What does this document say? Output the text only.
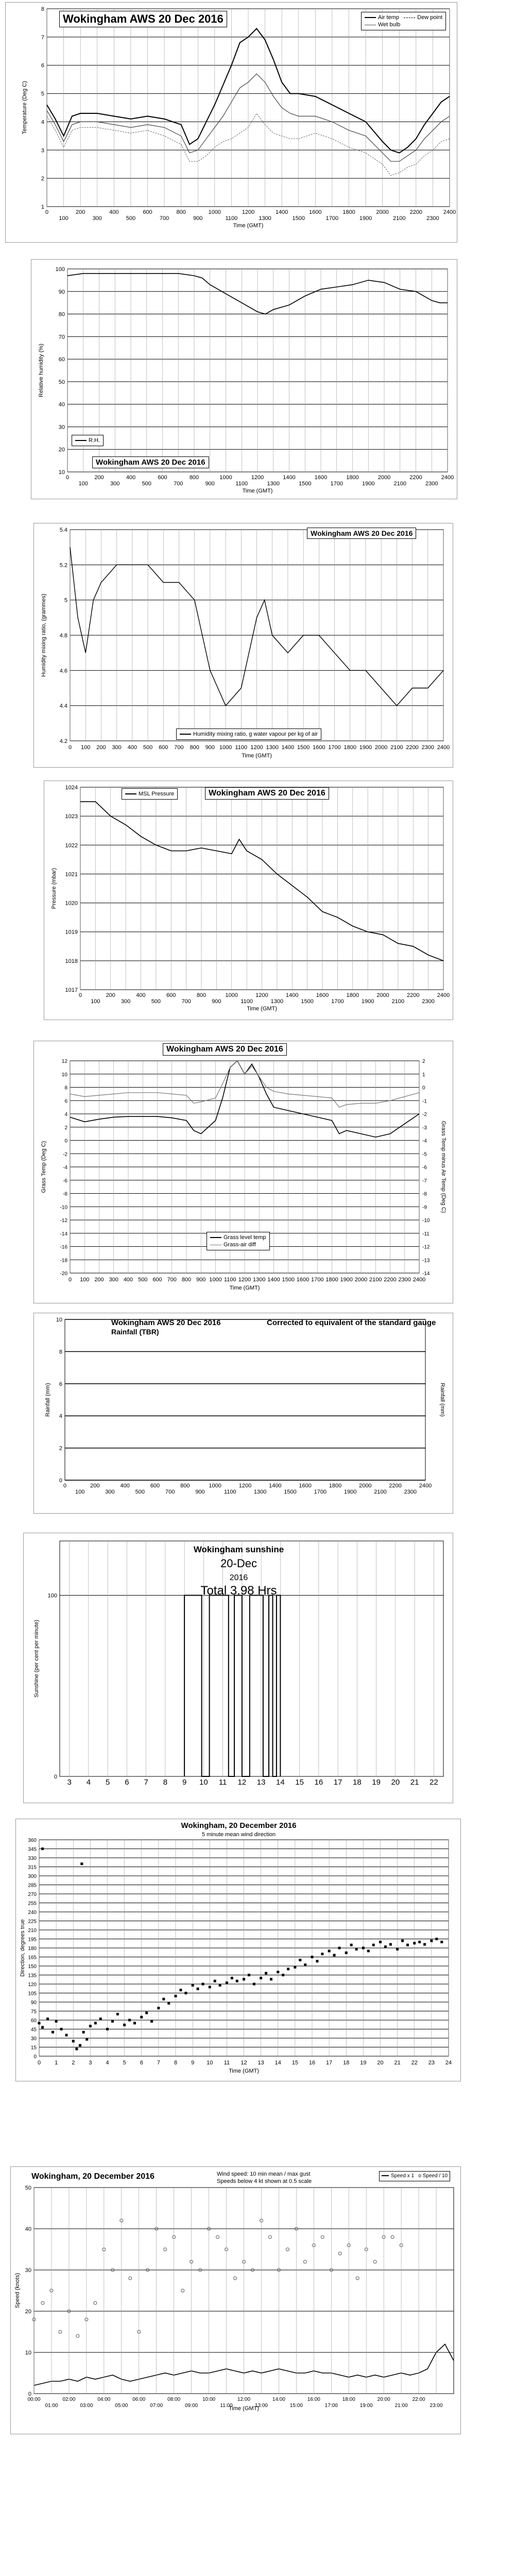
1
2
3
4
5
6
7
8
0
100
200
300
400
500
600
700
800
900
1000
1100
1200
1300
1400
1500
1600
1700
1800
1900
2000
2100
2200
2300
2400
Time (GMT)
Temperature (Deg C)
Wokingham AWS 20 Dec 2016	Air temp	Dew point
Wet bulb
10
20
30
40
50
60
70
80
90
100
0
100
200
300
400
500
600
700
800
900
1000
1100
1200
1300
1400
1500
1600
1700
1800
1900
2000
2100
2200
2300
2400
Time (GMT)
Relative humidity (%)
R.H.
Wokingham AWS 20 Dec 2016
4.2
4.4
4.6
4.8
5
5.2
5.4
0 100 200 300 400 500 600 700 800 900 1000 1100 1200 1300 1400 1500 1600 1700 1800 1900 2000 2100 2200 2300 2400
Time (GMT)
Humidity mixing ratio, (grammes)
Wokingham AWS 20 Dec 2016
Humidity mixing ratio, g water vapour per kg of air
1017
1018
1019
1020
1021
1022
1023
1024
0
100
200
300
400
500
600
700
800
900
1000
1100
1200
1300
1400
1500
1600
1700
1800
1900
2000
2100
2200
2300
2400
Time (GMT)
Pressure (mbar)
MSL Pressure	Wokingham AWS 20 Dec 2016
-20
-18
-16
-14
-12
-10
-8
-6
-4
-2
0
2
4
6
8
10
12
0 100 200 300 400 500 600 700 800 900 1000 1100 1200 1300 1400 1500 1600 1700 1800 1900 2000 2100 2200 2300 2400
-14
-13
-12
-11
-10
-9
-8
-7
-6
-5
-4
-3
-2
-1
0
1
2
Time (GMT)
Grass Temp (Deg C)	Grass Temp minus Air Temp (Deg C)
Wokingham AWS 20 Dec 2016
Grass level temp
Grass-air diff
0
2
4
6
8
10
0
100
200
300
400
500
600
700
800
900
1000
1100
1200
1300
1400
1500
1600
1700
1800
1900
2000
2100
2200
2300
2400
Rainfall (mm)	Rainfall (mm)
Wokingham AWS 20 Dec 2016
Rainfall (TBR)
Corrected to equivalent of the standard gauge
0
100
3 4 5 6 7 8 9 10 11 12 13 14 15 16 17 18 19 20 21 22
Sunshine (per cent per minute)
Wokingham sunshine
20-Dec
2016
Total 3.98 Hrs
0
15
30
45
60
75
90
105
120
135
150
165
180
195
210
225
240
255
270
285
300
315
330
345
360
0 1 2 3 4 5 6 7 8 9 10 11 12 13 14 15 16 17 18 19 20 21 22 23 24
Time (GMT)
Direction, degrees true
Wokingham, 20 December 2016
5 minute mean wind direction
0
10
20
30
40
50
Time (GMT)
Speed (knots)
00:00
01:00
02:00
03:00
04:00
05:00
06:00
07:00
08:00
09:00
10:00
11:00
12:00
13:00
14:00
15:00
16:00
17:00
18:00
19:00
20:00
21:00
22:00
23:00
Wokingham, 20 December 2016	Wind speed: 10 min mean / max gust
Speeds below 4 kt shown at 0.5 scale
Speed x 1 o Speed / 10
